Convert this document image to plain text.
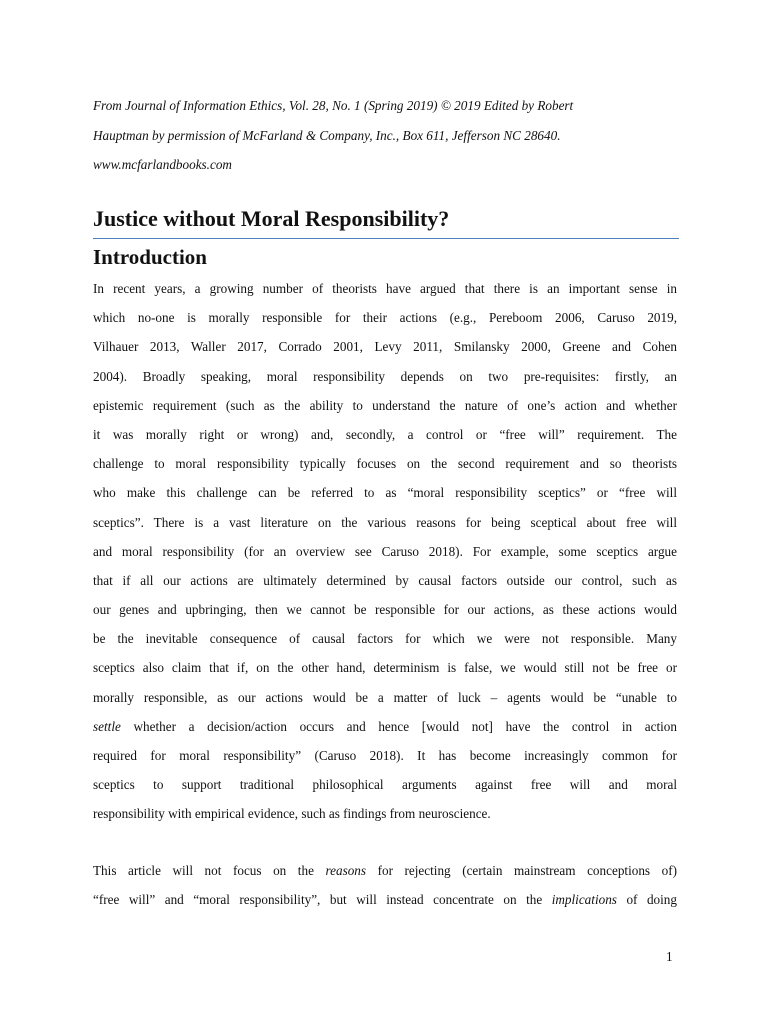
From Journal of Information Ethics, Vol. 28, No. 1 (Spring 2019) © 2019 Edited by Robert
Hauptman by permission of McFarland & Company, Inc., Box 611, Jefferson NC 28640.
www.mcfarlandbooks.com
Justice without Moral Responsibility?
Introduction
In recent years, a growing number of theorists have argued that there is an important sense in
which no-one is morally responsible for their actions (e.g., Pereboom 2006, Caruso 2019,
Vilhauer 2013, Waller 2017, Corrado 2001, Levy 2011, Smilansky 2000, Greene and Cohen
2004). Broadly speaking, moral responsibility depends on two pre-requisites: firstly, an
epistemic requirement (such as the ability to understand the nature of one’s action and whether
it was morally right or wrong) and, secondly, a control or “free will” requirement. The
challenge to moral responsibility typically focuses on the second requirement and so theorists
who make this challenge can be referred to as “moral responsibility sceptics” or “free will
sceptics”. There is a vast literature on the various reasons for being sceptical about free will
and moral responsibility (for an overview see Caruso 2018). For example, some sceptics argue
that if all our actions are ultimately determined by causal factors outside our control, such as
our genes and upbringing, then we cannot be responsible for our actions, as these actions would
be the inevitable consequence of causal factors for which we were not responsible. Many
sceptics also claim that if, on the other hand, determinism is false, we would still not be free or
morally responsible, as our actions would be a matter of luck – agents would be “unable to
settle whether a decision/action occurs and hence [would not] have the control in action
required for moral responsibility” (Caruso 2018). It has become increasingly common for
sceptics to support traditional philosophical arguments against free will and moral
responsibility with empirical evidence, such as findings from neuroscience.
This article will not focus on the reasons for rejecting (certain mainstream conceptions of)
“free will” and “moral responsibility”, but will instead concentrate on the implications of doing
1
